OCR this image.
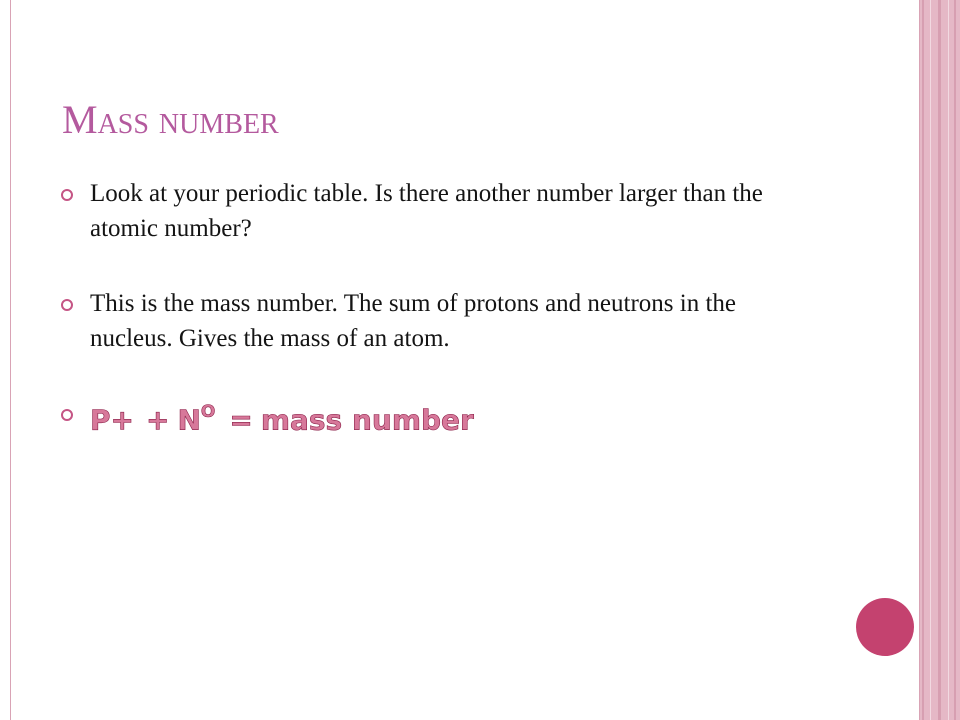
Mass number
Look at your periodic table. Is there another number larger than the atomic number?
This is the mass number. The sum of protons and neutrons in the nucleus. Gives the mass of an atom.
$P+ + N^O$ = mass number
